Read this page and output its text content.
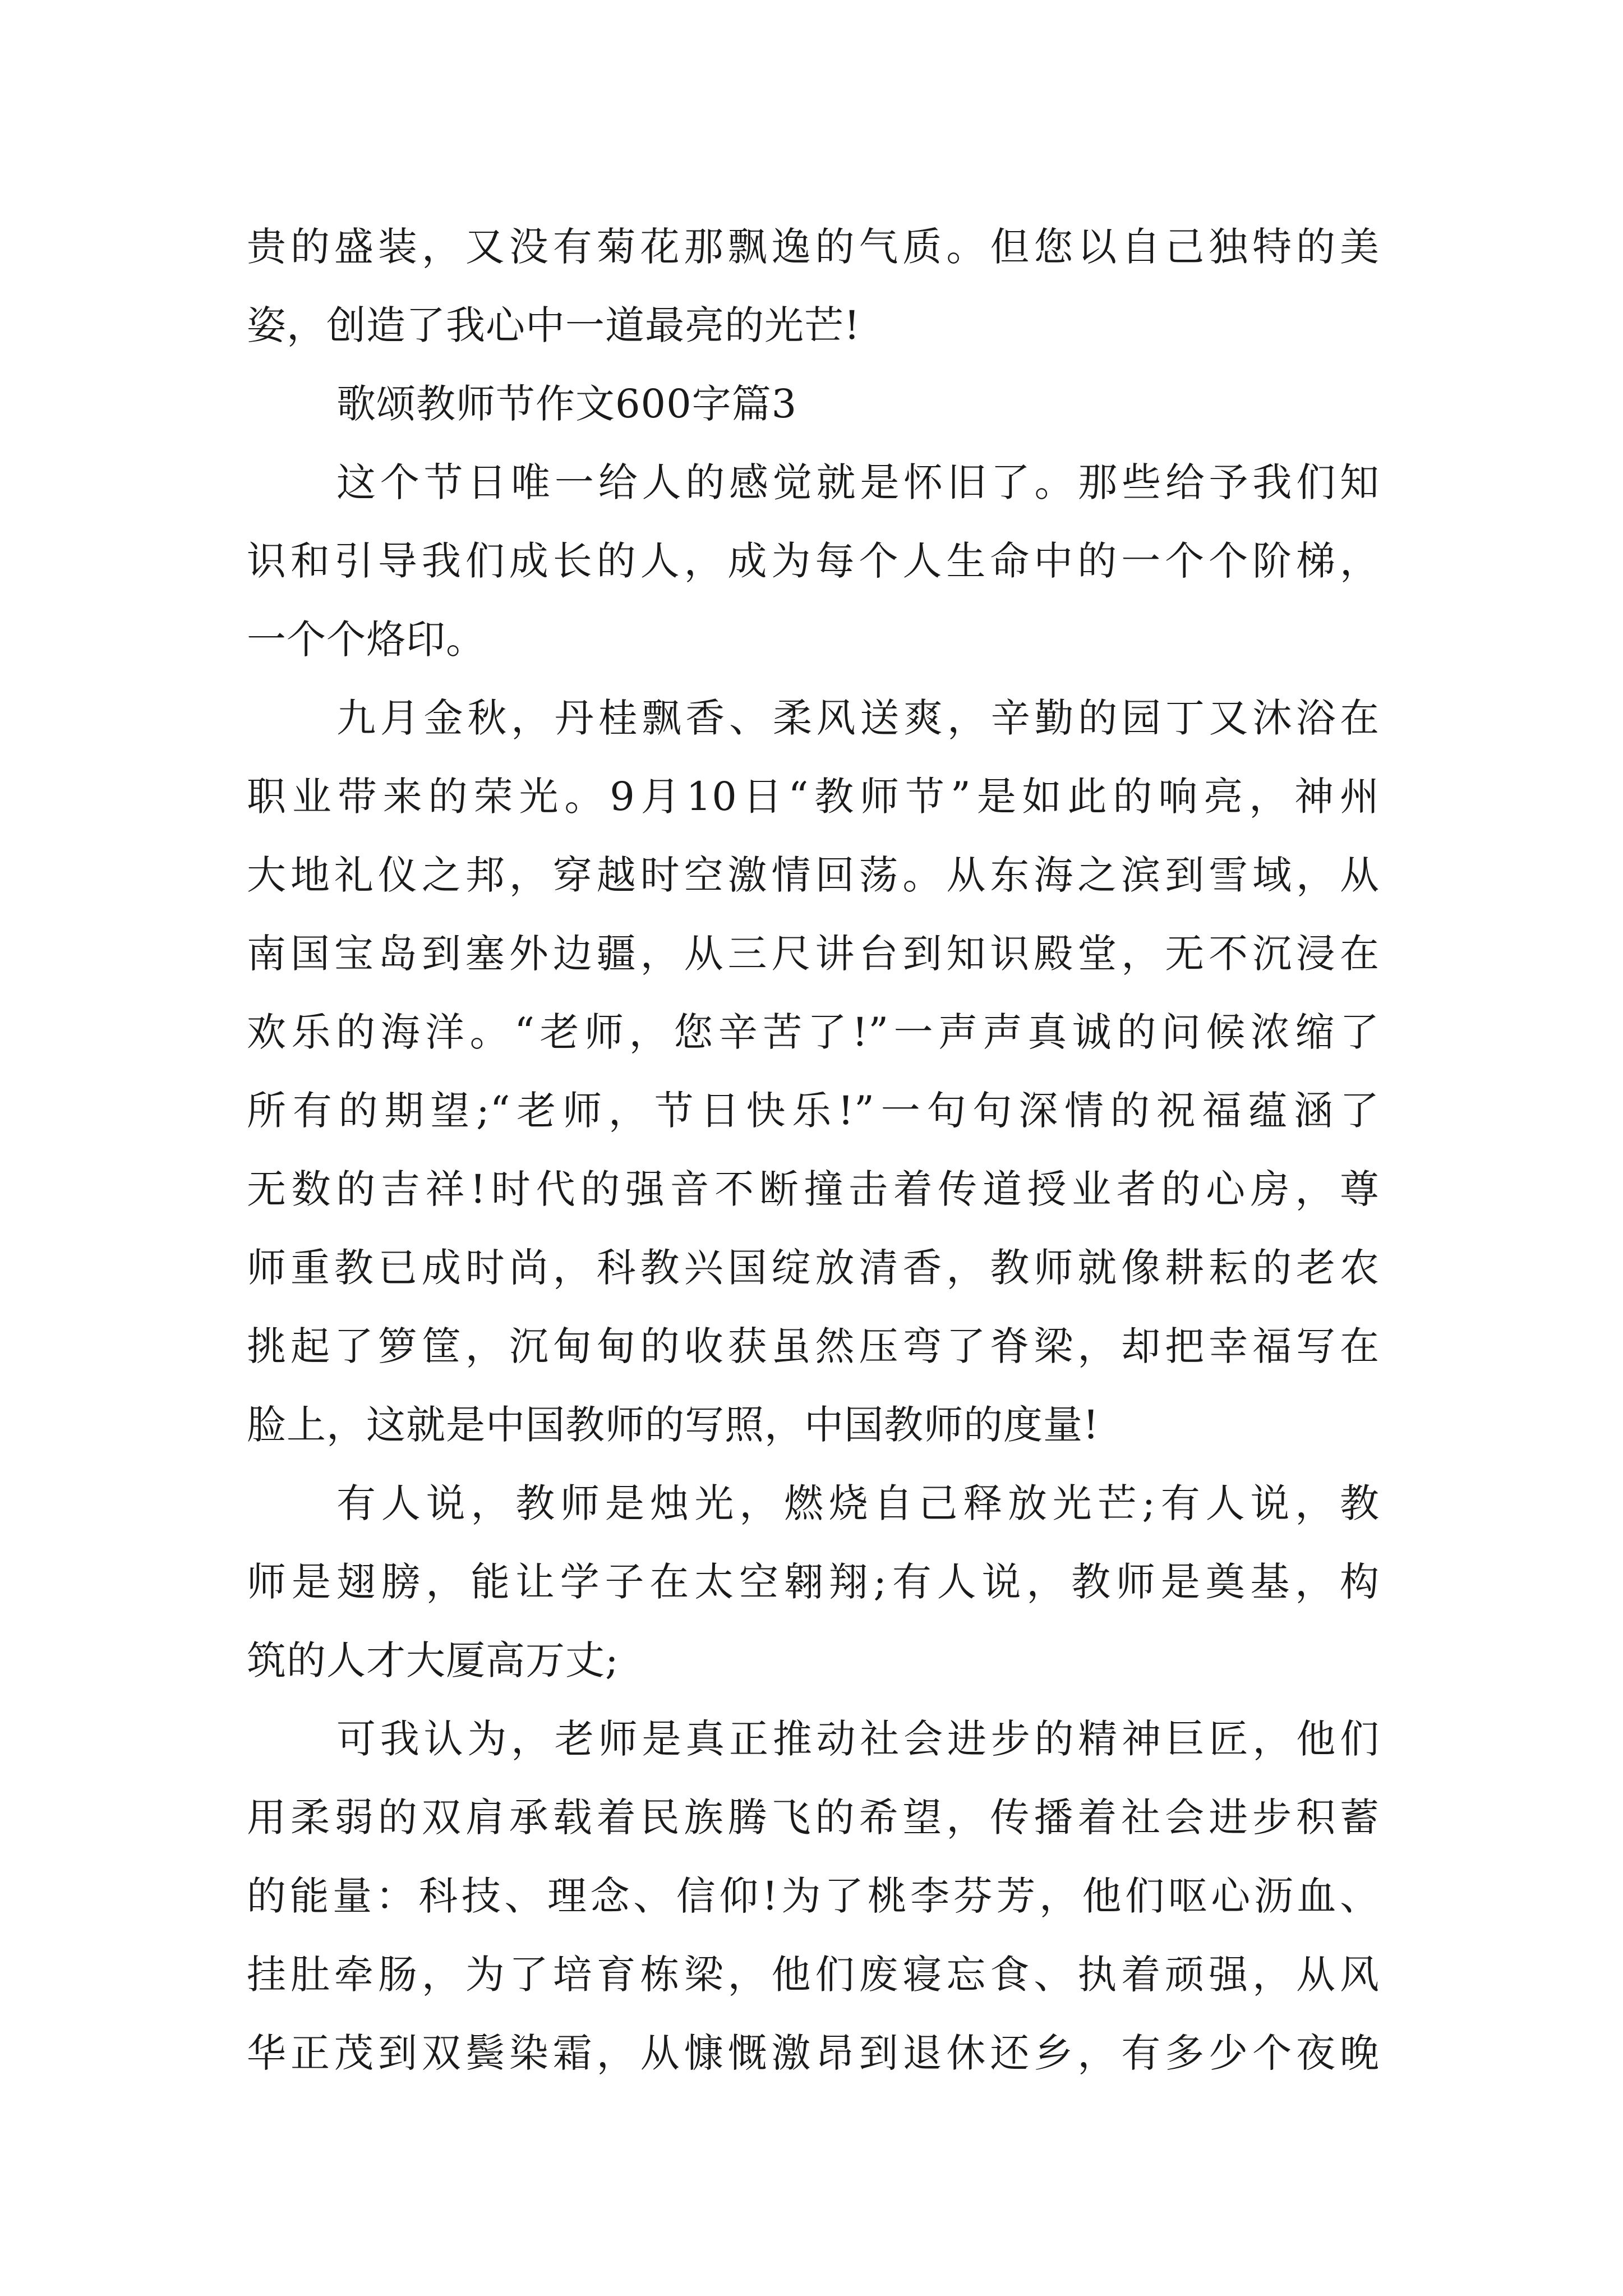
贵的盛装，又没有菊花那飘逸的气质。但您以自己独特的美
姿，创造了我心中一道最亮的光芒!
歌颂教师节作文600字篇3
这个节日唯一给人的感觉就是怀旧了。那些给予我们知
识和引导我们成长的人，成为每个人生命中的一个个阶梯，
一个个烙印。
九月金秋，丹桂飘香、柔风送爽，辛勤的园丁又沐浴在
职业带来的荣光。9月10日“教师节”是如此的响亮，神州
大地礼仪之邦，穿越时空激情回荡。从东海之滨到雪域，从
南国宝岛到塞外边疆，从三尺讲台到知识殿堂，无不沉浸在
欢乐的海洋。“老师，您辛苦了!”一声声真诚的问候浓缩了
所有的期望;“老师，节日快乐!”一句句深情的祝福蕴涵了
无数的吉祥!时代的强音不断撞击着传道授业者的心房，尊
师重教已成时尚，科教兴国绽放清香，教师就像耕耘的老农
挑起了箩筐，沉甸甸的收获虽然压弯了脊梁，却把幸福写在
脸上，这就是中国教师的写照，中国教师的度量!
有人说，教师是烛光，燃烧自己释放光芒;有人说，教
师是翅膀，能让学子在太空翱翔;有人说，教师是奠基，构
筑的人才大厦高万丈;
可我认为，老师是真正推动社会进步的精神巨匠，他们
用柔弱的双肩承载着民族腾飞的希望，传播着社会进步积蓄
的能量：科技、理念、信仰!为了桃李芬芳，他们呕心沥血、
挂肚牵肠，为了培育栋梁，他们废寝忘食、执着顽强，从风
华正茂到双鬓染霜，从慷慨激昂到退休还乡，有多少个夜晚
